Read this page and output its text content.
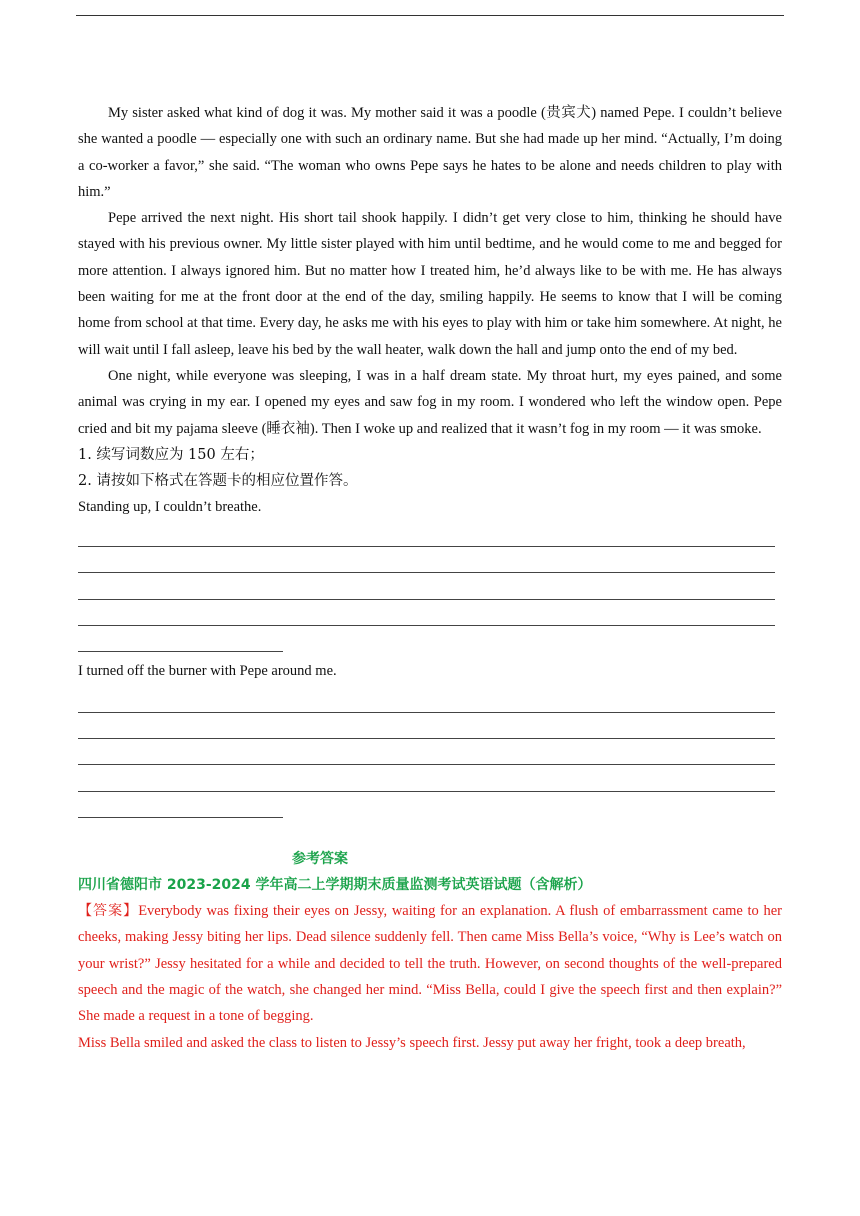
My sister asked what kind of dog it was. My mother said it was a poodle (贵宾犬) named Pepe. I couldn’t believe she wanted a poodle — especially one with such an ordinary name. But she had made up her mind. “Actually, I’m doing a co-worker a favor,” she said. “The woman who owns Pepe says he hates to be alone and needs children to play with him.”

Pepe arrived the next night. His short tail shook happily. I didn’t get very close to him, thinking he should have stayed with his previous owner. My little sister played with him until bedtime, and he would come to me and begged for more attention. I always ignored him. But no matter how I treated him, he’d always like to be with me. He has always been waiting for me at the front door at the end of the day, smiling happily. He seems to know that I will be coming home from school at that time. Every day, he asks me with his eyes to play with him or take him somewhere. At night, he will wait until I fall asleep, leave his bed by the wall heater, walk down the hall and jump onto the end of my bed.

One night, while everyone was sleeping, I was in a half dream state. My throat hurt, my eyes pained, and some animal was crying in my ear. I opened my eyes and saw fog in my room. I wondered who left the window open. Pepe cried and bit my pajama sleeve (睡衣袖). Then I woke up and realized that it wasn’t fog in my room — it was smoke.

1. 续写词数应为 150 左右；
2. 请按如下格式在答题卡的相应位置作答。
Standing up, I couldn’t breathe.
I turned off the burner with Pepe around me.
参考答案
四川省德阳市 2023-2024 学年高二上学期期末质量监测考试英语试题（含解析）

【答案】Everybody was fixing their eyes on Jessy, waiting for an explanation. A flush of embarrassment came to her cheeks, making Jessy biting her lips. Dead silence suddenly fell. Then came Miss Bella’s voice, “Why is Lee’s watch on your wrist?” Jessy hesitated for a while and decided to tell the truth. However, on second thoughts of the well-prepared speech and the magic of the watch, she changed her mind. “Miss Bella, could I give the speech first and then explain?” She made a request in a tone of begging.

Miss Bella smiled and asked the class to listen to Jessy’s speech first. Jessy put away her fright, took a deep breath,
